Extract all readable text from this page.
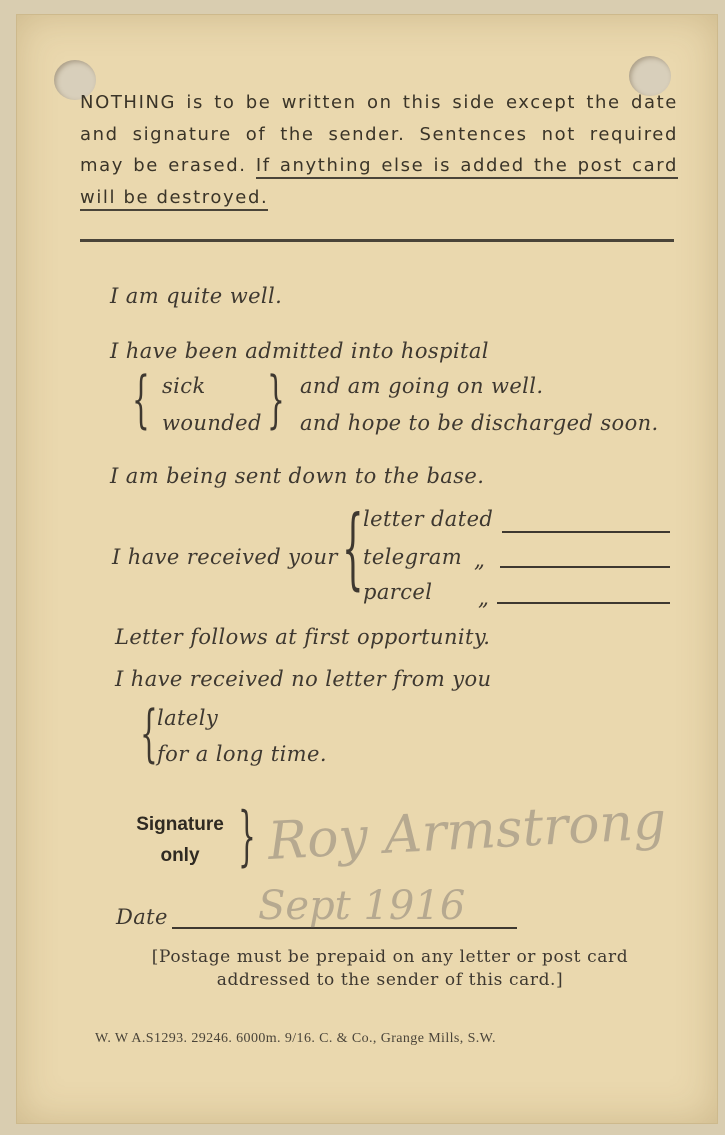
NOTHING is to be written on this side except the date and signature of the sender. Sentences not required may be erased. If anything else is added the post card will be destroyed.
I am quite well.
I have been admitted into hospital
{ sick
wounded } and am going on well.
and hope to be discharged soon.
I am being sent down to the base.
I have received your { letter dated
telegram „
parcel „
Letter follows at first opportunity.
I have received no letter from you
{ lately
for a long time.
Signature
only	} Roy Armstrong
Date Sept 1916
[Postage must be prepaid on any letter or post card
addressed to the sender of this card.]
W. W A.S1293. 29246. 6000m. 9/16. C. & Co., Grange Mills, S.W.
